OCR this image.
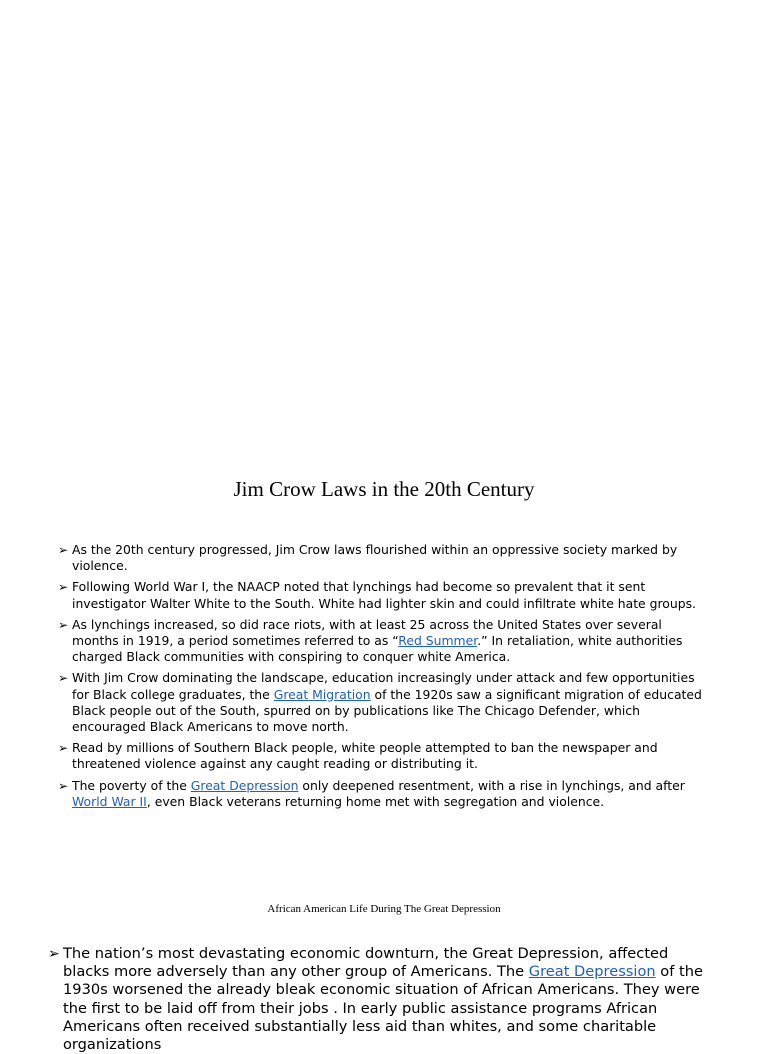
Jim Crow Laws in the 20th Century
➢ As the 20th century progressed, Jim Crow laws flourished within an oppressive society marked by violence.
➢ Following World War I, the NAACP noted that lynchings had become so prevalent that it sent investigator Walter White to the South. White had lighter skin and could infiltrate white hate groups.
➢ As lynchings increased, so did race riots, with at least 25 across the United States over several months in 1919, a period sometimes referred to as “Red Summer.” In retaliation, white authorities charged Black communities with conspiring to conquer white America.
➢ With Jim Crow dominating the landscape, education increasingly under attack and few opportunities for Black college graduates, the Great Migration of the 1920s saw a significant migration of educated Black people out of the South, spurred on by publications like The Chicago Defender, which encouraged Black Americans to move north.
➢ Read by millions of Southern Black people, white people attempted to ban the newspaper and threatened violence against any caught reading or distributing it.
➢ The poverty of the Great Depression only deepened resentment, with a rise in lynchings, and after World War II, even Black veterans returning home met with segregation and violence.
African American Life During The Great Depression
➢ The nation’s most devastating economic downturn, the Great Depression, affected blacks more adversely than any other group of Americans. The Great Depression of the 1930s worsened the already bleak economic situation of African Americans. They were the first to be laid off from their jobs . In early public assistance programs African Americans often received substantially less aid than whites, and some charitable organizations
